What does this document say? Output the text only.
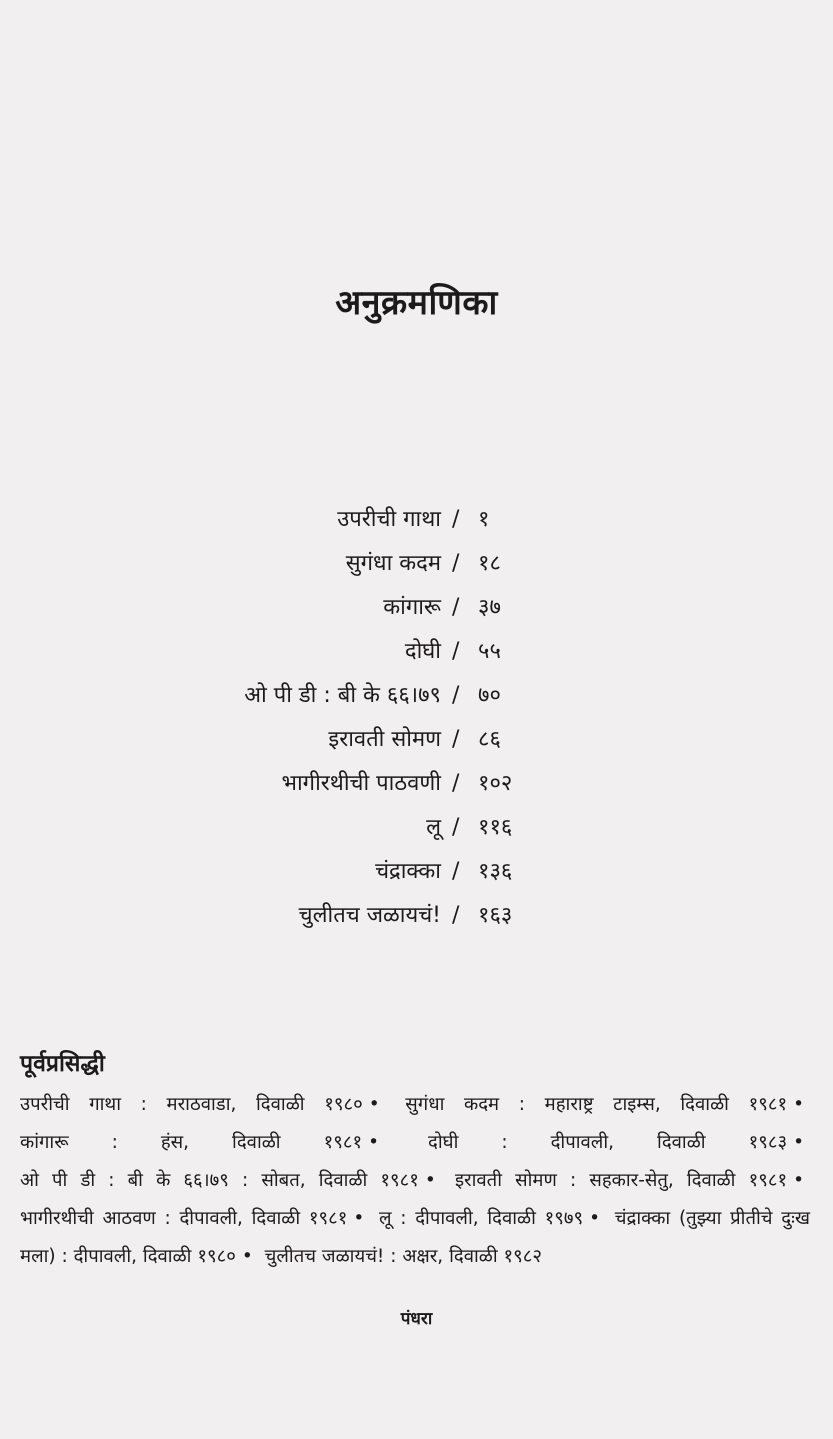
अनुक्रमणिका
उपरीची गाथा / १
सुगंधा कदम / १८
कांगारू / ३७
दोघी / ५५
ओ पी डी : बी के ६६।७९ / ७०
इरावती सोमण / ८६
भागीरथीची पाठवणी / १०२
लू / ११६
चंद्राक्का / १३६
चुलीतच जळायचं! / १६३
पूर्वप्रसिद्धी
उपरीची गाथा : मराठवाडा, दिवाळी १९८० • सुगंधा कदम : महाराष्ट्र टाइम्स, दिवाळी १९८१ • कांगारू : हंस, दिवाळी १९८१ •	दोघी : दीपावली, दिवाळी १९८३ • ओ पी डी : बी के ६६।७९ : सोबत, दिवाळी १९८१ • इरावती सोमण : सहकार-सेतु, दिवाळी १९८१ • भागीरथीची आठवण : दीपावली, दिवाळी १९८१ • लू : दीपावली, दिवाळी १९७९ • चंद्राक्का (तुझ्या प्रीतीचे दुःख मला) : दीपावली, दिवाळी १९८० • चुलीतच जळायचं! : अक्षर, दिवाळी १९८२
पंधरा
